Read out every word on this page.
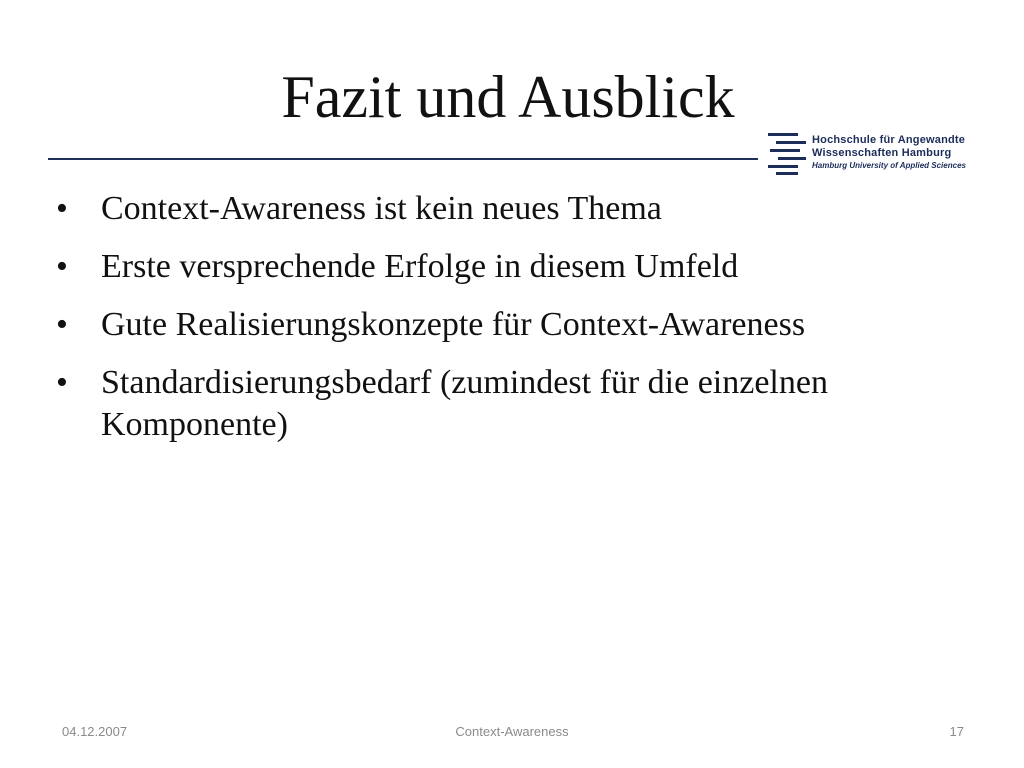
Fazit und Ausblick
Hochschule für Angewandte
Wissenschaften Hamburg
Hamburg University of Applied Sciences
• Context-Awareness ist kein neues Thema
• Erste versprechende Erfolge in diesem Umfeld
• Gute Realisierungskonzepte für Context-Awareness
• Standardisierungsbedarf (zumindest für die einzelnen Komponente)
04.12.2007	Context-Awareness	17
